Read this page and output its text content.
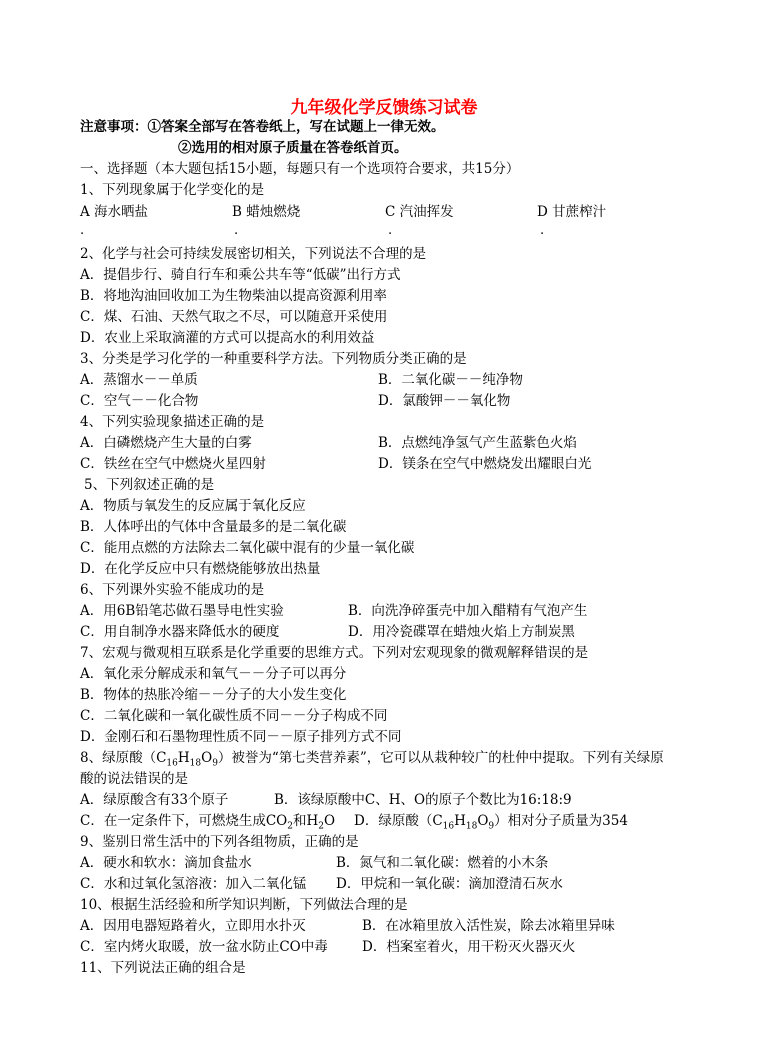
九年级化学反馈练习试卷
注意事项：①答案全部写在答卷纸上，写在试题上一律无效。
②选用的相对原子质量在答卷纸首页。
一、选择题（本大题包括15小题，每题只有一个选项符合要求，共15分）
1、下列现象属于化学变化的是
A 海水晒盐	B 蜡烛燃烧	C 汽油挥发	D 甘蔗榨汁
.	.	.	.
2、化学与社会可持续发展密切相关，下列说法不合理的是
A．提倡步行、骑自行车和乘公共车等“低碳”出行方式
B．将地沟油回收加工为生物柴油以提高资源利用率
C．煤、石油、天然气取之不尽，可以随意开采使用
D．农业上采取滴灌的方式可以提高水的利用效益
3、分类是学习化学的一种重要科学方法。下列物质分类正确的是
A．蒸馏水－－单质	B．二氧化碳－－纯净物
C．空气－－化合物	D．氯酸钾－－氧化物
4、下列实验现象描述正确的是
A．白磷燃烧产生大量的白雾	B．点燃纯净氢气产生蓝紫色火焰
C．铁丝在空气中燃烧火星四射	D．镁条在空气中燃烧发出耀眼白光
5、下列叙述正确的是
A．物质与氧发生的反应属于氧化反应
B．人体呼出的气体中含量最多的是二氧化碳
C．能用点燃的方法除去二氧化碳中混有的少量一氧化碳
D．在化学反应中只有燃烧能够放出热量
6、下列课外实验不能成功的是
A．用6B铅笔芯做石墨导电性实验	B．向洗净碎蛋壳中加入醋精有气泡产生
C．用自制净水器来降低水的硬度	D．用冷瓷碟罩在蜡烛火焰上方制炭黑
7、宏观与微观相互联系是化学重要的思维方式。下列对宏观现象的微观解释错误的是
A．氧化汞分解成汞和氧气－－分子可以再分
B．物体的热胀冷缩－－分子的大小发生变化
C．二氧化碳和一氧化碳性质不同－－分子构成不同
D．金刚石和石墨物理性质不同－－原子排列方式不同
8、绿原酸$(C_{16}H_{18}O_9)$被誉为“第七类营养素”，它可以从栽种较广的杜仲中提取。下列有关绿原
酸的说法错误的是
A．绿原酸含有33个原子	B．该绿原酸中C、H、O的原子个数比为16:18:9
C．在一定条件下，可燃烧生成$CO_2$和$H_2O$ D．绿原酸$(C_{16}H_{18}O_9)$相对分子质量为354
9、鉴别日常生活中的下列各组物质，正确的是
A．硬水和软水：滴加食盐水	B．氮气和二氧化碳：燃着的小木条
C．水和过氧化氢溶液：加入二氧化锰 D．甲烷和一氧化碳：滴加澄清石灰水
10、根据生活经验和所学知识判断，下列做法合理的是
A．因用电器短路着火，立即用水扑灭	B．在冰箱里放入活性炭，除去冰箱里异味
C．室内烤火取暖，放一盆水防止CO中毒	D．档案室着火，用干粉灭火器灭火
11、下列说法正确的组合是
